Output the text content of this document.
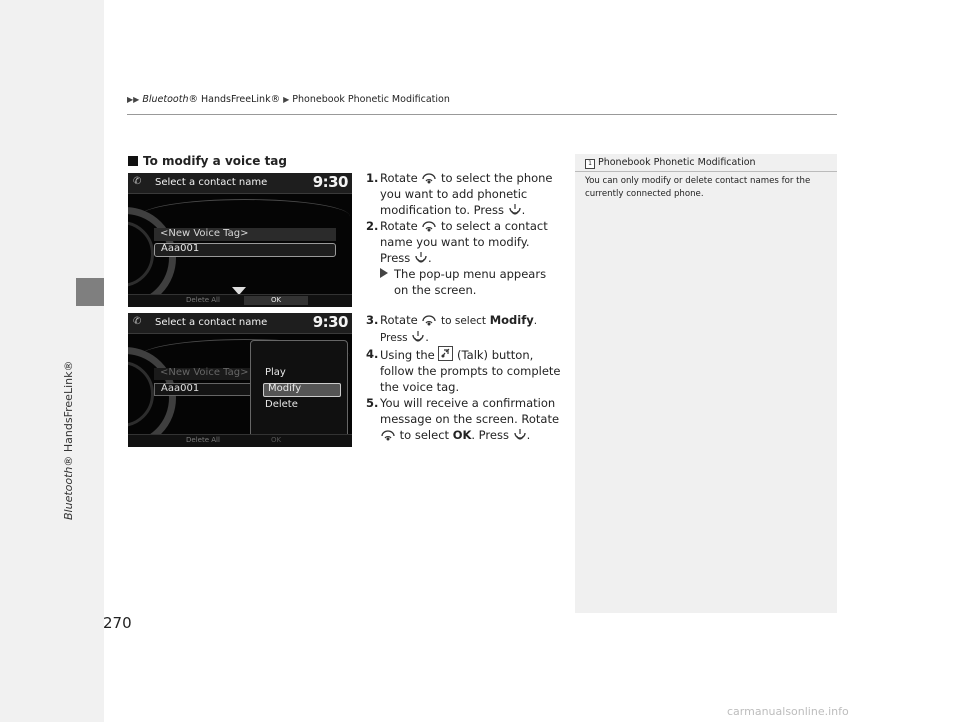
Bluetooth® HandsFreeLink®
▶▶ Bluetooth® HandsFreeLink® ▶ Phonebook Phonetic Modification
To modify a voice tag
✆	Select a contact name	9:30
<New Voice Tag>
Aaa001
Delete All	OK
✆	Select a contact name	9:30
<New Voice Tag>
Aaa001
Play
Modify
Delete
Delete All	OK
1. Rotate to select the phone you want to add phonetic modification to. Press .
2. Rotate to select a contact name you want to modify. Press .
The pop-up menu appears on the screen.
3. Rotate to select Modify. Press .
4. Using the (Talk) button, follow the prompts to complete the voice tag.
5. You will receive a confirmation message on the screen. Rotate  to select OK. Press .
1 Phonebook Phonetic Modification
You can only modify or delete contact names for the currently connected phone.
270
carmanualsonline.info
